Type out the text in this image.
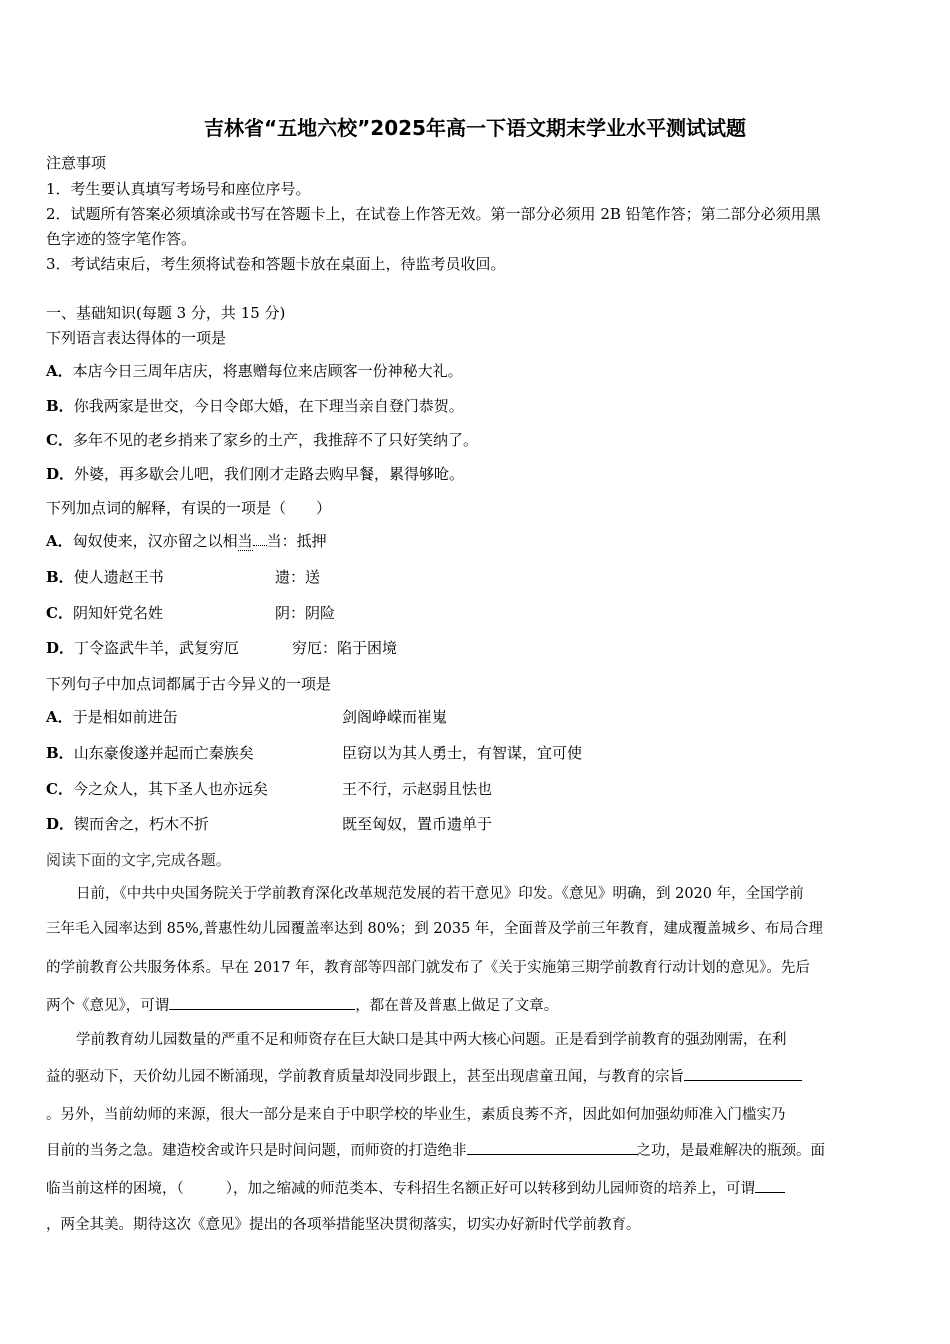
吉林省“五地六校”2025年高一下语文期末学业水平测试试题
注意事项
1．考生要认真填写考场号和座位序号。
2．试题所有答案必须填涂或书写在答题卡上，在试卷上作答无效。第一部分必须用 2B 铅笔作答；第二部分必须用黑
色字迹的签字笔作答。
3．考试结束后，考生须将试卷和答题卡放在桌面上，待监考员收回。
一、基础知识(每题 3 分，共 15 分)
下列语言表达得体的一项是
A．本店今日三周年店庆，将惠赠每位来店顾客一份神秘大礼。
B．你我两家是世交，今日令郎大婚，在下理当亲自登门恭贺。
C．多年不见的老乡捎来了家乡的土产，我推辞不了只好笑纳了。
D．外婆，再多歇会儿吧，我们刚才走路去购早餐，累得够呛。
下列加点词的解释，有误的一项是（　　）
A．匈奴使来，汉亦留之以相当 当：抵押
B．使人遗赵王书	遗：送
C．阴知奸党名姓	阴：阴险
D．丁令盗武牛羊，武复穷厄	穷厄：陷于困境
下列句子中加点词都属于古今异义的一项是
A．于是相如前进缶	剑阁峥嵘而崔嵬
B．山东豪俊遂并起而亡秦族矣	臣窃以为其人勇士，有智谋，宜可使
C．今之众人，其下圣人也亦远矣	王不行，示赵弱且怯也
D．锲而舍之，朽木不折	既至匈奴，置币遗单于
阅读下面的文字,完成各题。
日前，《中共中央国务院关于学前教育深化改革规范发展的若干意见》印发。《意见》明确，到 2020 年，全国学前
三年毛入园率达到 85%,普惠性幼儿园覆盖率达到 80%；到 2035 年，全面普及学前三年教育，建成覆盖城乡、布局合理
的学前教育公共服务体系。早在 2017 年，教育部等四部门就发布了《关于实施第三期学前教育行动计划的意见》。先后
两个《意见》，可谓	，都在普及普惠上做足了文章。
学前教育幼儿园数量的严重不足和师资存在巨大缺口是其中两大核心问题。正是看到学前教育的强劲刚需，在利
益的驱动下，天价幼儿园不断涌现，学前教育质量却没同步跟上，甚至出现虐童丑闻，与教育的宗旨
。另外，当前幼师的来源，很大一部分是来自于中职学校的毕业生，素质良莠不齐，因此如何加强幼师准入门槛实乃
目前的当务之急。建造校舍或许只是时间问题，而师资的打造绝非	之功，是最难解决的瓶颈。面
临当前这样的困境，（	），加之缩减的师范类本、专科招生名额正好可以转移到幼儿园师资的培养上，可谓
，两全其美。期待这次《意见》提出的各项举措能坚决贯彻落实，切实办好新时代学前教育。
